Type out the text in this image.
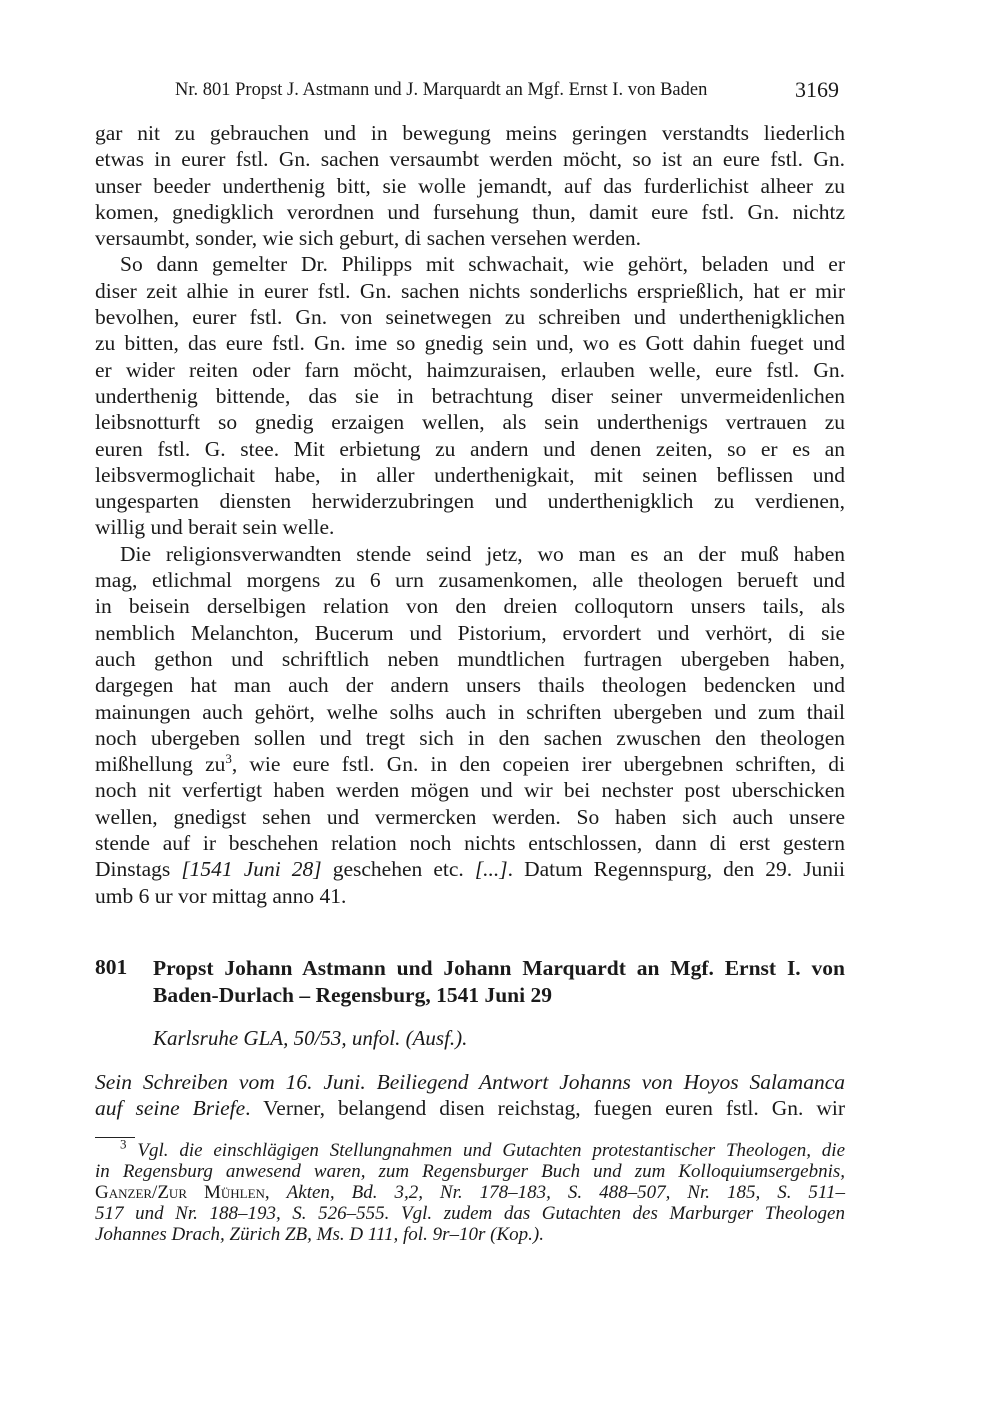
Nr. 801 Propst J. Astmann und J. Marquardt an Mgf. Ernst I. von Baden	3169
gar nit zu gebrauchen und in bewegung meins geringen verstandts liederlich
etwas in eurer fstl. Gn. sachen versaumbt werden möcht, so ist an eure fstl. Gn.
unser beeder underthenig bitt, sie wolle jemandt, auf das furderlichist alheer zu
komen, gnedigklich verordnen und fursehung thun, damit eure fstl. Gn. nichtz
versaumbt, sonder, wie sich geburt, di sachen versehen werden.
So dann gemelter Dr. Philipps mit schwachait, wie gehört, beladen und er
diser zeit alhie in eurer fstl. Gn. sachen nichts sonderlichs ersprießlich, hat er mir
bevolhen, eurer fstl. Gn. von seinetwegen zu schreiben und underthenigklichen
zu bitten, das eure fstl. Gn. ime so gnedig sein und, wo es Gott dahin fueget und
er wider reiten oder farn möcht, haimzuraisen, erlauben welle, eure fstl. Gn.
underthenig bittende, das sie in betrachtung diser seiner unvermeidenlichen
leibsnotturft so gnedig erzaigen wellen, als sein underthenigs vertrauen zu
euren fstl. G. stee. Mit erbietung zu andern und denen zeiten, so er es an
leibsvermoglichait habe, in aller underthenigkait, mit seinen beflissen und
ungesparten diensten herwiderzubringen und underthenigklich zu verdienen,
willig und berait sein welle.
Die religionsverwandten stende seind jetz, wo man es an der muß haben
mag, etlichmal morgens zu 6 urn zusamenkomen, alle theologen berueft und
in beisein derselbigen relation von den dreien colloqutorn unsers tails, als
nemblich Melanchton, Bucerum und Pistorium, ervordert und verhört, di sie
auch gethon und schriftlich neben mundtlichen furtragen ubergeben haben,
dargegen hat man auch der andern unsers thails theologen bedencken und
mainungen auch gehört, welhe solhs auch in schriften ubergeben und zum thail
noch ubergeben sollen und tregt sich in den sachen zwuschen den theologen
mißhellung $zu^3$, wie eure fstl. Gn. in den copeien irer ubergebnen schriften, di
noch nit verfertigt haben werden mögen und wir bei nechster post uberschicken
wellen, gnedigst sehen und vermercken werden. So haben sich auch unsere
stende auf ir beschehen relation noch nichts entschlossen, dann di erst gestern
Dinstags [1541 Juni 28] geschehen etc. [...]. Datum Regennspurg, den 29. Junii
umb 6 ur vor mittag anno 41.
801 Propst Johann Astmann und Johann Marquardt an Mgf. Ernst I. von
Baden-Durlach – Regensburg, 1541 Juni 29
Karlsruhe GLA, 50/53, unfol. (Ausf.).
Sein Schreiben vom 16. Juni. Beiliegend Antwort Johanns von Hoyos Salamanca
auf seine Briefe. Verner, belangend disen reichstag, fuegen euren fstl. Gn. wir
$^3$ Vgl. die einschlägigen Stellungnahmen und Gutachten protestantischer Theologen, die
in Regensburg anwesend waren, zum Regensburger Buch und zum Kolloquiumsergebnis,
Ganzer/Zur Mühlen, Akten, Bd. 3,2, Nr. 178–183, S. 488–507, Nr. 185, S. 511–
517 und Nr. 188–193, S. 526–555. Vgl. zudem das Gutachten des Marburger Theologen
Johannes Drach, Zürich ZB, Ms. D 111, fol. 9r–10r (Kop.).
